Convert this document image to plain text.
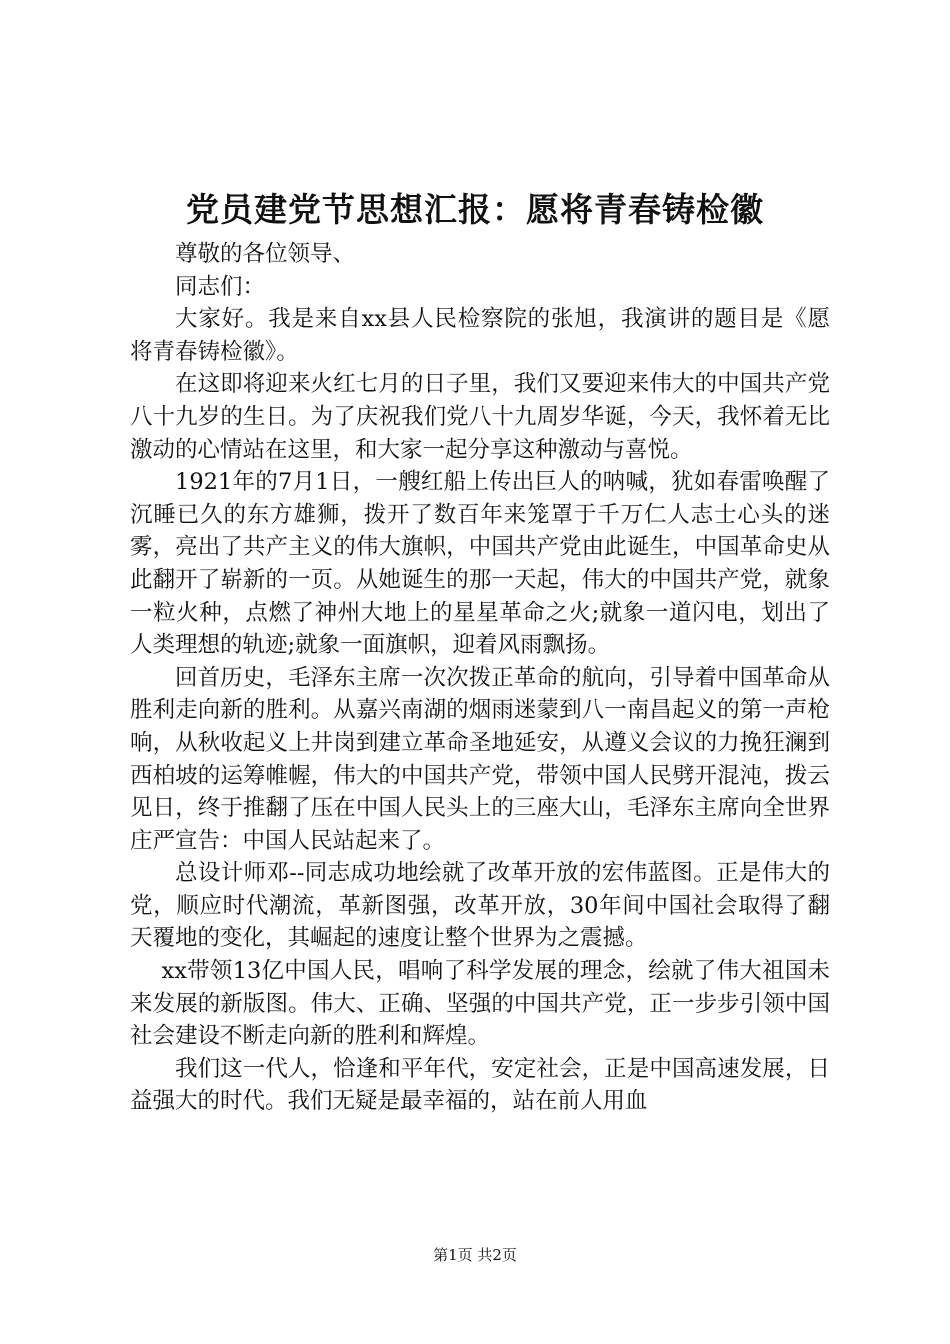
党员建党节思想汇报：愿将青春铸检徽

尊敬的各位领导、

同志们：

大家好。我是来自xx县人民检察院的张旭，我演讲的题目是《愿将青春铸检徽》。

在这即将迎来火红七月的日子里，我们又要迎来伟大的中国共产党八十九岁的生日。为了庆祝我们党八十九周岁华诞，今天，我怀着无比激动的心情站在这里，和大家一起分享这种激动与喜悦。

1921年的7月1日，一艘红船上传出巨人的呐喊，犹如春雷唤醒了沉睡已久的东方雄狮，拨开了数百年来笼罩于千万仁人志士心头的迷雾，亮出了共产主义的伟大旗帜，中国共产党由此诞生，中国革命史从此翻开了崭新的一页。从她诞生的那一天起，伟大的中国共产党，就象一粒火种，点燃了神州大地上的星星革命之火;就象一道闪电，划出了人类理想的轨迹;就象一面旗帜，迎着风雨飘扬。

回首历史，毛泽东主席一次次拨正革命的航向，引导着中国革命从胜利走向新的胜利。从嘉兴南湖的烟雨迷蒙到八一南昌起义的第一声枪响，从秋收起义上井岗到建立革命圣地延安，从遵义会议的力挽狂澜到西柏坡的运筹帷幄，伟大的中国共产党，带领中国人民劈开混沌，拨云见日，终于推翻了压在中国人民头上的三座大山，毛泽东主席向全世界庄严宣告：中国人民站起来了。

总设计师邓--同志成功地绘就了改革开放的宏伟蓝图。正是伟大的党，顺应时代潮流，革新图强，改革开放，30年间中国社会取得了翻天覆地的变化，其崛起的速度让整个世界为之震撼。

xx带领13亿中国人民，唱响了科学发展的理念，绘就了伟大祖国未来发展的新版图。伟大、正确、坚强的中国共产党，正一步步引领中国社会建设不断走向新的胜利和辉煌。

我们这一代人，恰逢和平年代，安定社会，正是中国高速发展，日益强大的时代。我们无疑是最幸福的，站在前人用血

第1页 共2页
